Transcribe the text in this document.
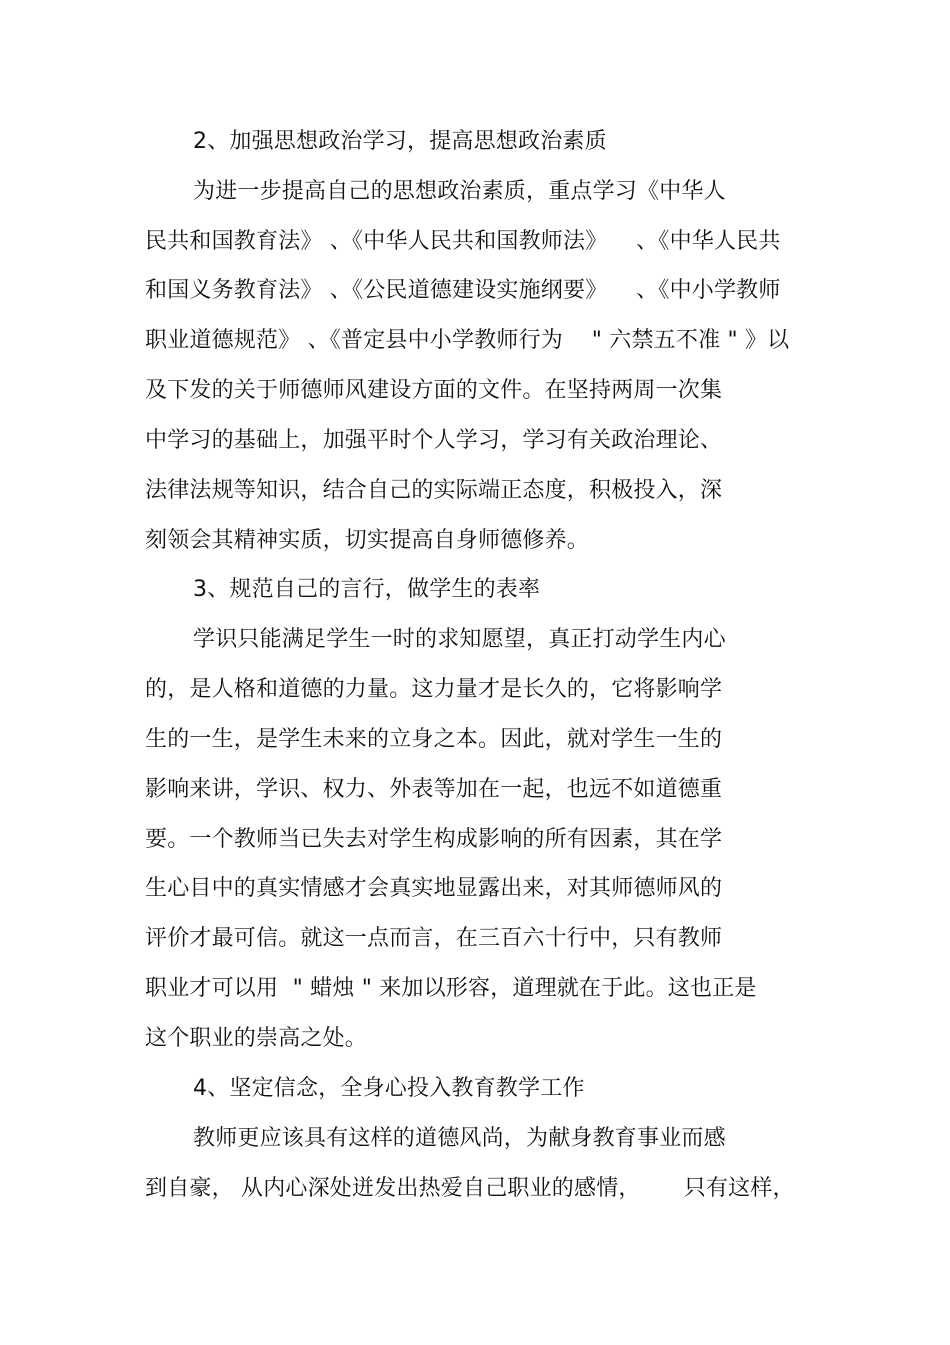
2、加强思想政治学习，提高思想政治素质
为进一步提高自己的思想政治素质，重点学习《中华人
民共和国教育法》 、《中华人民共和国教师法》    、《中华人民共
和国义务教育法》 、《公民道德建设实施纲要》    、《中小学教师
职业道德规范》 、《普定县中小学教师行为    " 六禁五不准 " 》以
及下发的关于师德师风建设方面的文件。在坚持两周一次集
中学习的基础上，加强平时个人学习，学习有关政治理论、
法律法规等知识，结合自己的实际端正态度，积极投入，深
刻领会其精神实质，切实提高自身师德修养。
3、规范自己的言行，做学生的表率
学识只能满足学生一时的求知愿望，真正打动学生内心
的，是人格和道德的力量。这力量才是长久的，它将影响学
生的一生，是学生未来的立身之本。因此，就对学生一生的
影响来讲，学识、权力、外表等加在一起，也远不如道德重
要。一个教师当已失去对学生构成影响的所有因素，其在学
生心目中的真实情感才会真实地显露出来，对其师德师风的
评价才最可信。就这一点而言，在三百六十行中，只有教师
职业才可以用  " 蜡烛 " 来加以形容，道理就在于此。这也正是
这个职业的崇高之处。
4、坚定信念，全身心投入教育教学工作
教师更应该具有这样的道德风尚，为献身教育事业而感
到自豪， 从内心深处迸发出热爱自己职业的感情，      只有这样，
